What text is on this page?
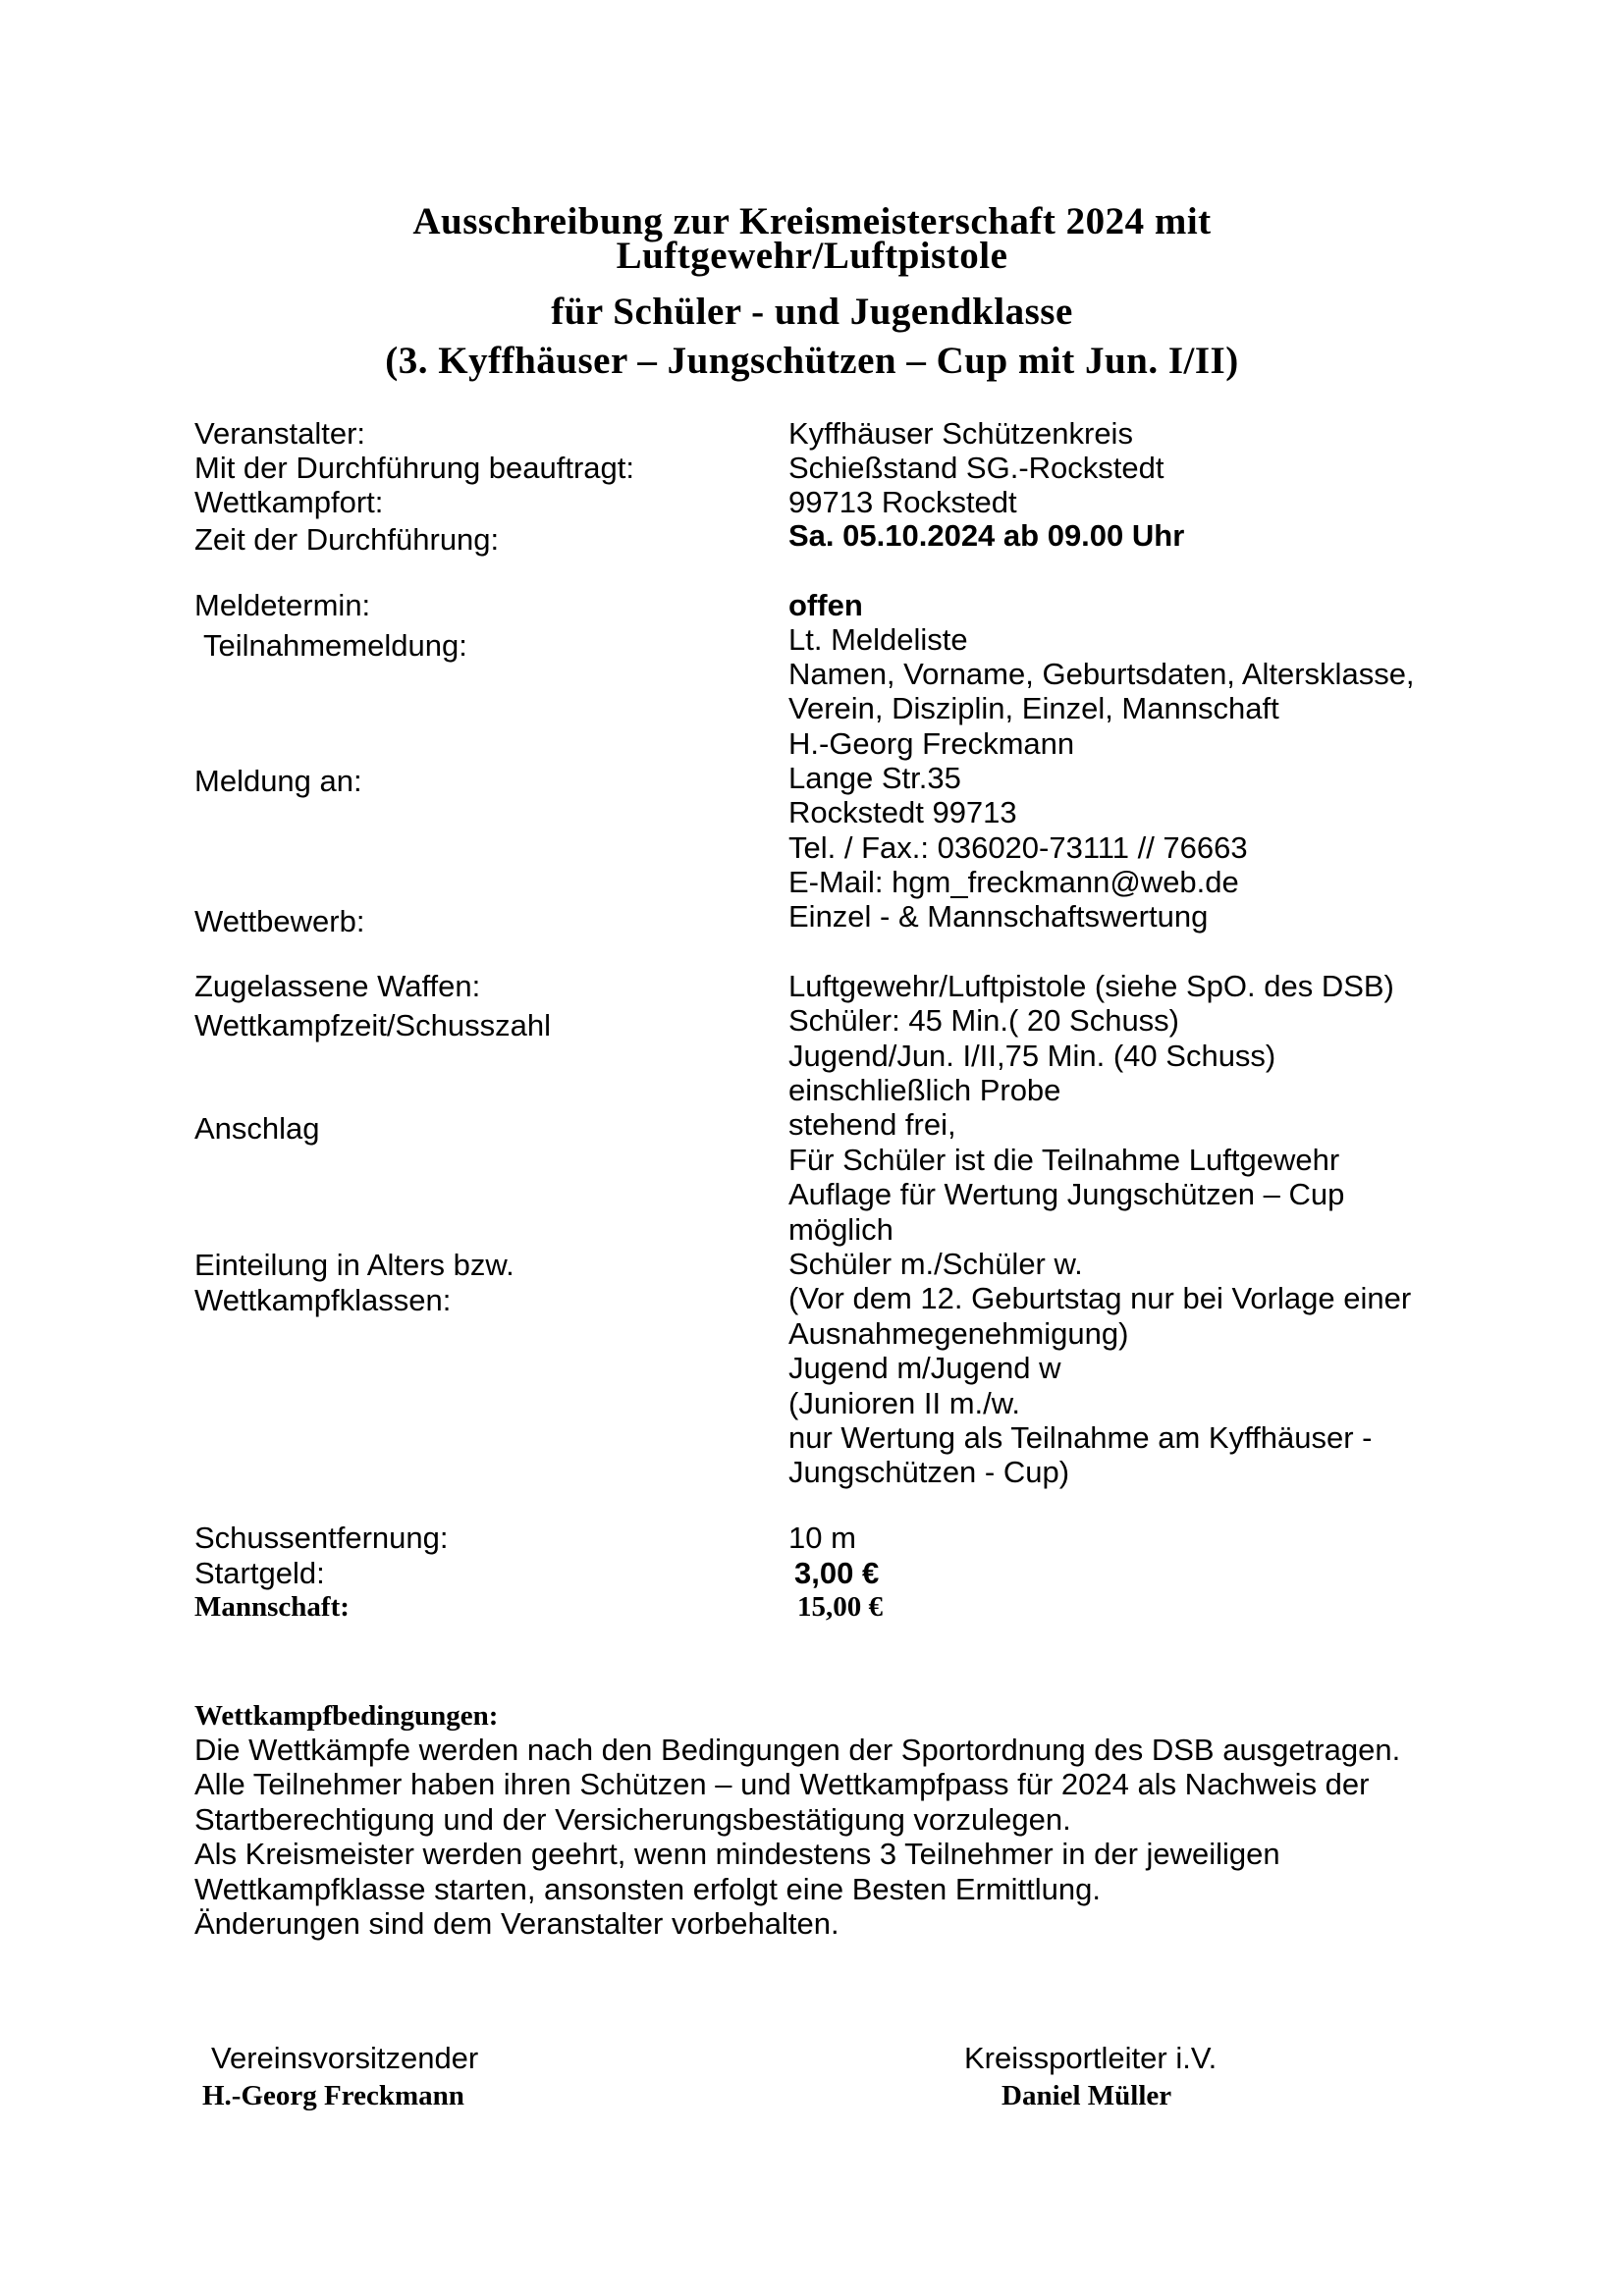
Ausschreibung zur Kreismeisterschaft 2024 mit
Luftgewehr/Luftpistole
für Schüler - und Jugendklasse
(3. Kyffhäuser – Jungschützen – Cup mit Jun. I/II)

Veranstalter:

Mit der Durchführung beauftragt:

Wettkampfort:

Zeit der Durchführung:

Meldetermin:

Teilnahmemeldung:

Meldung an:

Wettbewerb:

Zugelassene Waffen:

Wettkampfzeit/Schusszahl

Anschlag

Einteilung in Alters bzw.

Wettkampfklassen:

Schussentfernung:

Startgeld:

Mannschaft:

Kyffhäuser Schützenkreis

Schießstand SG.-Rockstedt

99713 Rockstedt

Sa. 05.10.2024 ab 09.00 Uhr

offen

Lt. Meldeliste

Namen, Vorname, Geburtsdaten, Altersklasse,

Verein, Disziplin, Einzel, Mannschaft

H.-Georg Freckmann

Lange Str.35

Rockstedt 99713

Tel. / Fax.: 036020-73111 // 76663

E-Mail: hgm_freckmann@web.de

Einzel - & Mannschaftswertung

Luftgewehr/Luftpistole (siehe SpO. des DSB)

Schüler: 45 Min.( 20 Schuss)

Jugend/Jun. I/II,75 Min. (40 Schuss)

einschließlich Probe

stehend frei,

Für Schüler ist die Teilnahme Luftgewehr

Auflage für Wertung Jungschützen – Cup

möglich

Schüler m./Schüler w.

(Vor dem 12. Geburtstag nur bei Vorlage einer

Ausnahmegenehmigung)

Jugend m/Jugend w

(Junioren II m./w.

nur Wertung als Teilnahme am Kyffhäuser -

Jungschützen - Cup)

10 m

3,00 €

15,00 €

Wettkampfbedingungen:

Die Wettkämpfe werden nach den Bedingungen der Sportordnung des DSB ausgetragen.

Alle Teilnehmer haben ihren Schützen – und Wettkampfpass für 2024 als Nachweis der

Startberechtigung und der Versicherungsbestätigung vorzulegen.

Als Kreismeister werden geehrt, wenn mindestens 3 Teilnehmer in der jeweiligen

Wettkampfklasse starten, ansonsten erfolgt eine Besten Ermittlung.

Änderungen sind dem Veranstalter vorbehalten.

Vereinsvorsitzender

H.-Georg Freckmann

Kreissportleiter i.V.

Daniel Müller
